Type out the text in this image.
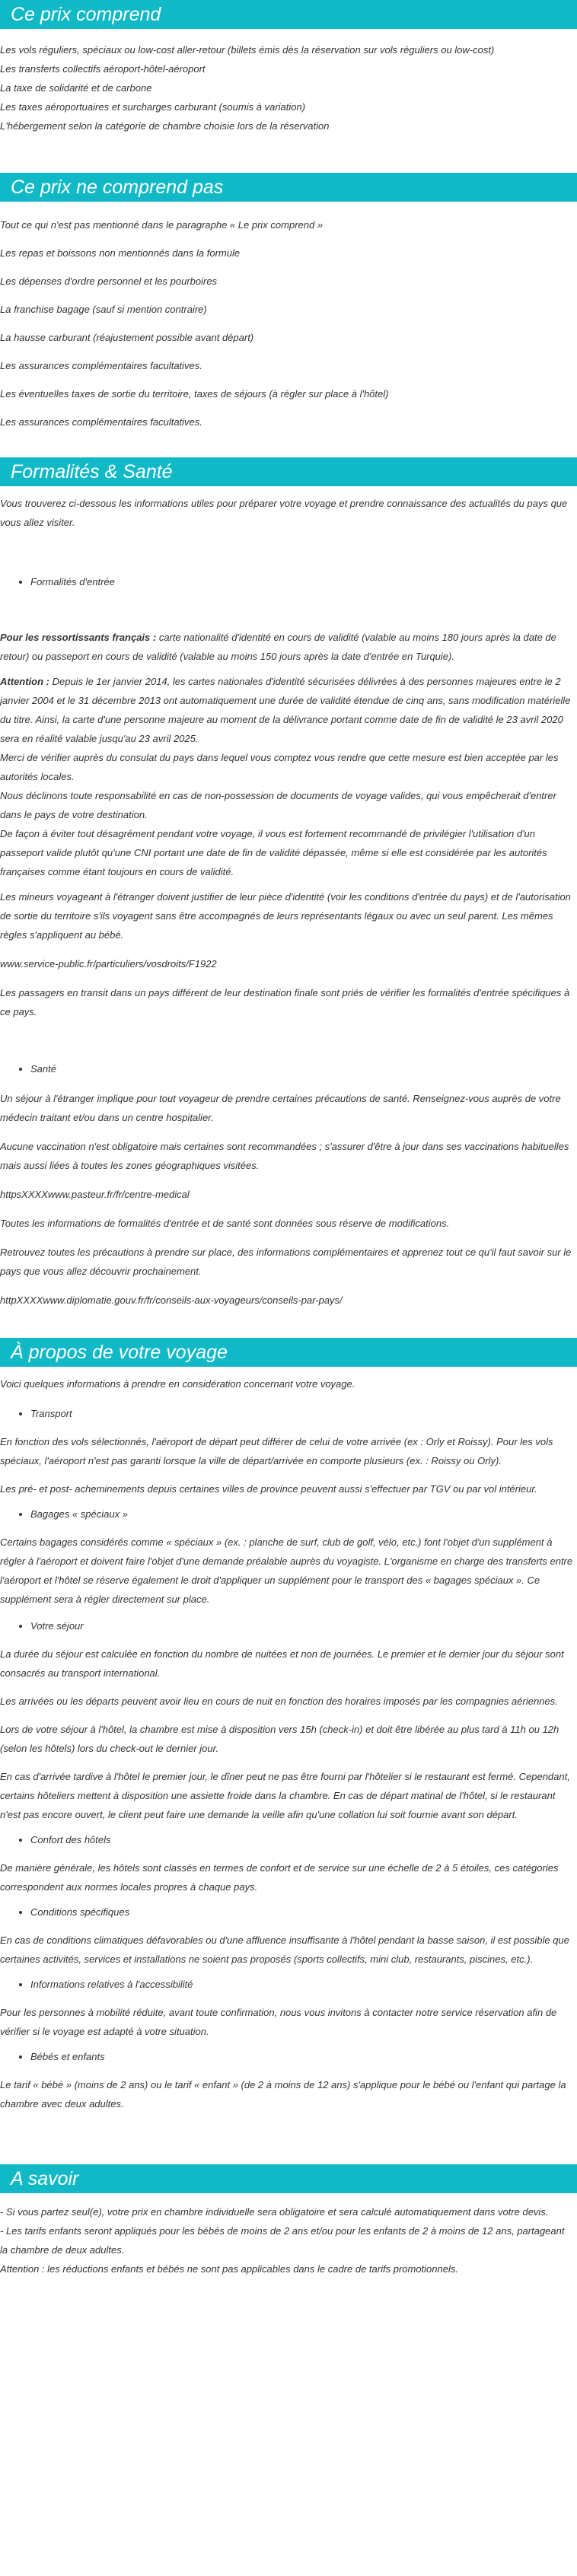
Ce prix comprend

Les vols réguliers, spéciaux ou low-cost aller-retour (billets émis dès la réservation sur vols réguliers ou low-cost)

Les transferts collectifs aéroport-hôtel-aéroport

La taxe de solidarité et de carbone

Les taxes aéroportuaires et surcharges carburant (soumis à variation)

L'hébergement selon la catégorie de chambre choisie lors de la réservation

Ce prix ne comprend pas

Tout ce qui n'est pas mentionné dans le paragraphe « Le prix comprend »

Les repas et boissons non mentionnés dans la formule

Les dépenses d'ordre personnel et les pourboires

La franchise bagage (sauf si mention contraire)

La hausse carburant (réajustement possible avant départ)

Les assurances complémentaires facultatives.

Les éventuelles taxes de sortie du territoire, taxes de séjours (à régler sur place à l'hôtel)

Les assurances complémentaires facultatives.

Formalités & Santé

Vous trouverez ci-dessous les informations utiles pour préparer votre voyage et prendre connaissance des actualités du pays que vous allez visiter.

• Formalités d'entrée

Pour les ressortissants français : carte nationalité d'identité en cours de validité (valable au moins 180 jours après la date de retour) ou passeport en cours de validité (valable au moins 150 jours après la date d'entrée en Turquie).

Attention : Depuis le 1er janvier 2014, les cartes nationales d'identité sécurisées délivrées à des personnes majeures entre le 2 janvier 2004 et le 31 décembre 2013 ont automatiquement une durée de validité étendue de cinq ans, sans modification matérielle du titre. Ainsi, la carte d'une personne majeure au moment de la délivrance portant comme date de fin de validité le 23 avril 2020 sera en réalité valable jusqu'au 23 avril 2025.

Merci de vérifier auprès du consulat du pays dans lequel vous comptez vous rendre que cette mesure est bien acceptée par les autorités locales.

Nous déclinons toute responsabilité en cas de non-possession de documents de voyage valides, qui vous empêcherait d'entrer dans le pays de votre destination.

De façon à éviter tout désagrément pendant votre voyage, il vous est fortement recommandé de privilégier l'utilisation d'un passeport valide plutôt qu'une CNI portant une date de fin de validité dépassée, même si elle est considérée par les autorités françaises comme étant toujours en cours de validité.

Les mineurs voyageant à l'étranger doivent justifier de leur pièce d'identité (voir les conditions d'entrée du pays) et de l'autorisation de sortie du territoire s'ils voyagent sans être accompagnés de leurs représentants légaux ou avec un seul parent. Les mêmes règles s'appliquent au bébé.

www.service-public.fr/particuliers/vosdroits/F1922

Les passagers en transit dans un pays différent de leur destination finale sont priés de vérifier les formalités d'entrée spécifiques à ce pays.

• Santé

Un séjour à l'étranger implique pour tout voyageur de prendre certaines précautions de santé. Renseignez-vous auprès de votre médecin traitant et/ou dans un centre hospitalier.

Aucune vaccination n'est obligatoire mais certaines sont recommandées ; s'assurer d'être à jour dans ses vaccinations habituelles mais aussi liées à toutes les zones géographiques visitées.

httpsXXXXwww.pasteur.fr/fr/centre-medical

Toutes les informations de formalités d'entrée et de santé sont données sous réserve de modifications.

Retrouvez toutes les précautions à prendre sur place, des informations complémentaires et apprenez tout ce qu'il faut savoir sur le pays que vous allez découvrir prochainement.

httpXXXXwww.diplomatie.gouv.fr/fr/conseils-aux-voyageurs/conseils-par-pays/

À propos de votre voyage

Voici quelques informations à prendre en considération concernant votre voyage.

• Transport

En fonction des vols sélectionnés, l'aéroport de départ peut différer de celui de votre arrivée (ex : Orly et Roissy). Pour les vols spéciaux, l'aéroport n'est pas garanti lorsque la ville de départ/arrivée en comporte plusieurs (ex. : Roissy ou Orly).

Les pré- et post- acheminements depuis certaines villes de province peuvent aussi s'effectuer par TGV ou par vol intérieur.

• Bagages « spéciaux »

Certains bagages considérés comme « spéciaux » (ex. : planche de surf, club de golf, vélo, etc.) font l'objet d'un supplément à régler à l'aéroport et doivent faire l'objet d'une demande préalable auprès du voyagiste. L'organisme en charge des transferts entre l'aéroport et l'hôtel se réserve également le droit d'appliquer un supplément pour le transport des « bagages spéciaux ». Ce supplément sera à régler directement sur place.

• Votre séjour

La durée du séjour est calculée en fonction du nombre de nuitées et non de journées. Le premier et le dernier jour du séjour sont consacrés au transport international.

Les arrivées ou les départs peuvent avoir lieu en cours de nuit en fonction des horaires imposés par les compagnies aériennes.

Lors de votre séjour à l'hôtel, la chambre est mise à disposition vers 15h (check-in) et doit être libérée au plus tard à 11h ou 12h (selon les hôtels) lors du check-out le dernier jour.

En cas d'arrivée tardive à l'hôtel le premier jour, le dîner peut ne pas être fourni par l'hôtelier si le restaurant est fermé. Cependant, certains hôteliers mettent à disposition une assiette froide dans la chambre. En cas de départ matinal de l'hôtel, si le restaurant n'est pas encore ouvert, le client peut faire une demande la veille afin qu'une collation lui soit fournie avant son départ.

• Confort des hôtels

De manière générale, les hôtels sont classés en termes de confort et de service sur une échelle de 2 à 5 étoiles, ces catégories correspondent aux normes locales propres à chaque pays.

• Conditions spécifiques

En cas de conditions climatiques défavorables ou d'une affluence insuffisante à l'hôtel pendant la basse saison, il est possible que certaines activités, services et installations ne soient pas proposés (sports collectifs, mini club, restaurants, piscines, etc.).

• Informations relatives à l'accessibilité

Pour les personnes à mobilité réduite, avant toute confirmation, nous vous invitons à contacter notre service réservation afin de vérifier si le voyage est adapté à votre situation.

• Bébés et enfants

Le tarif « bébé » (moins de 2 ans) ou le tarif « enfant » (de 2 à moins de 12 ans) s'applique pour le bébé ou l'enfant qui partage la chambre avec deux adultes.

A savoir

- Si vous partez seul(e), votre prix en chambre individuelle sera obligatoire et sera calculé automatiquement dans votre devis.

- Les tarifs enfants seront appliqués pour les bébés de moins de 2 ans et/ou pour les enfants de 2 à moins de 12 ans, partageant la chambre de deux adultes.

Attention : les réductions enfants et bébés ne sont pas applicables dans le cadre de tarifs promotionnels.
